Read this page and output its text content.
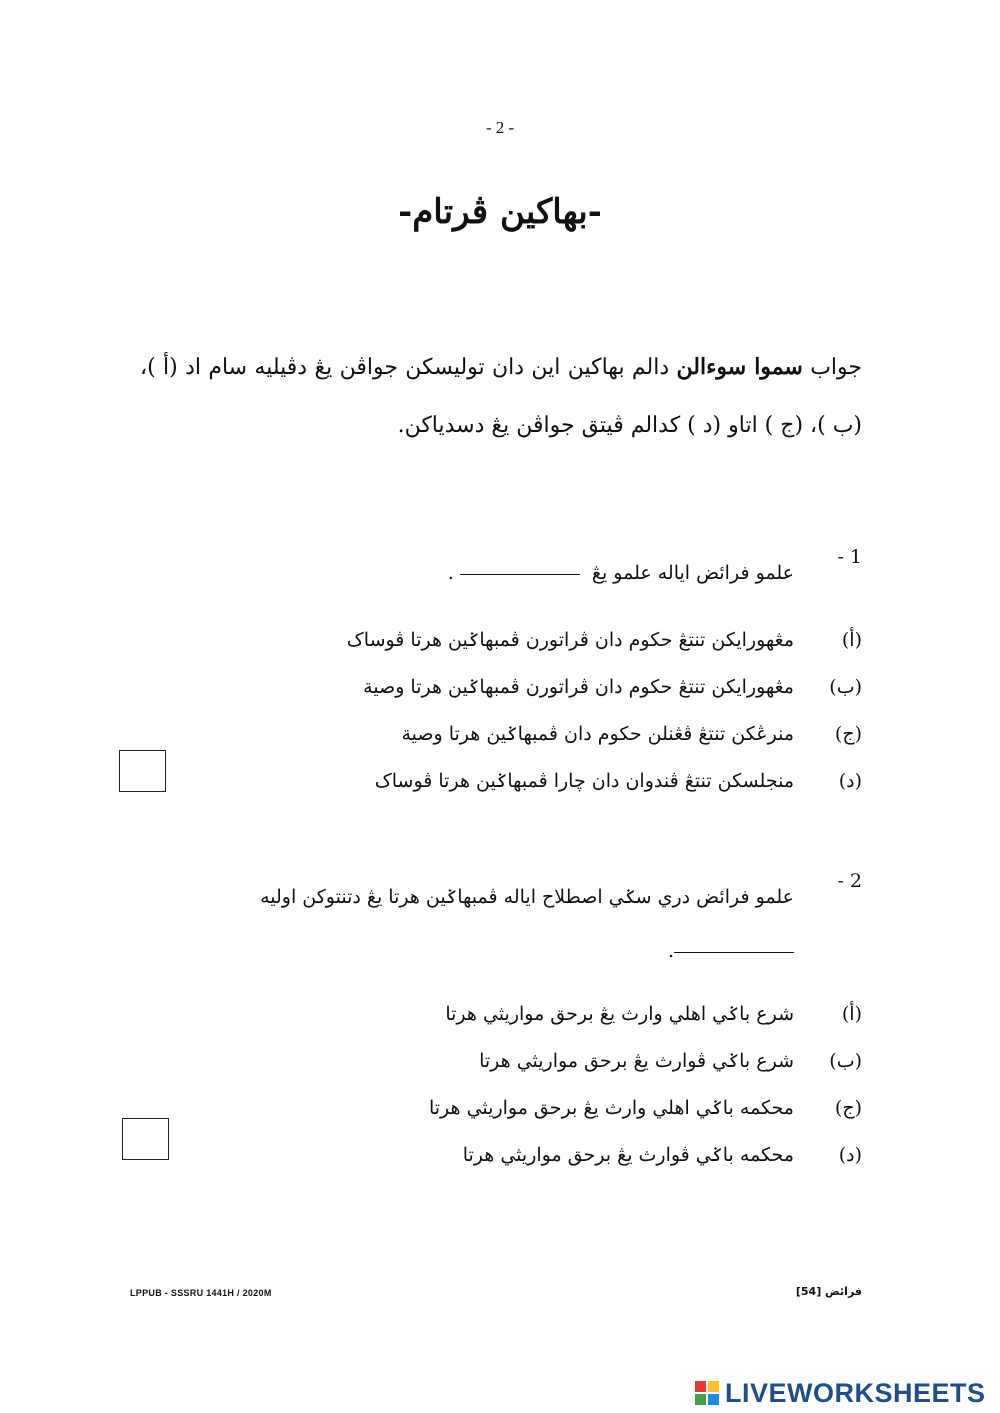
- 2 -
-بهاکين ڤرتام-
جواب سموا سوءالن دالم بهاکين اين دان توليسکن جواڤن يڠ دڤيليه سام اد (أ )، (ب )، (ج ) اتاو (د ) کدالم ڤيتق جواڤن يڠ دسدياکن.
1 -
علمو فرائض اياله علمو يڠ .
(أ)
مڠهورايکن تنتڠ حکوم دان ڤراتورن ڤمبهاݢين هرتا ڤوساک
(ب)
مڠهورايکن تنتڠ حکوم دان ڤراتورن ڤمبهاݢين هرتا وصية
(ج)
منرڠکن تنتڠ ڤڠنلن حکوم دان ڤمبهاݢين هرتا وصية
(د)
منجلسکن تنتڠ ڤندوان دان چارا ڤمبهاݢين هرتا ڤوساک
2 -
علمو فرائض دري سݢي اصطلاح اياله ڤمبهاݢين هرتا يڠ دتنتوکن اوليه
.
(أ)
شرع باݢي اهلي وارث يڠ برحق مواريثي هرتا
(ب)
شرع باݢي ڤوارث يڠ برحق مواريثي هرتا
(ج)
محکمه باݢي اهلي وارث يڠ برحق مواريثي هرتا
(د)
محکمه باݢي ڤوارث يڠ برحق مواريثي هرتا
LPPUB - SSSRU 1441H / 2020M	فرائض [54]
LIVEWORKSHEETS
